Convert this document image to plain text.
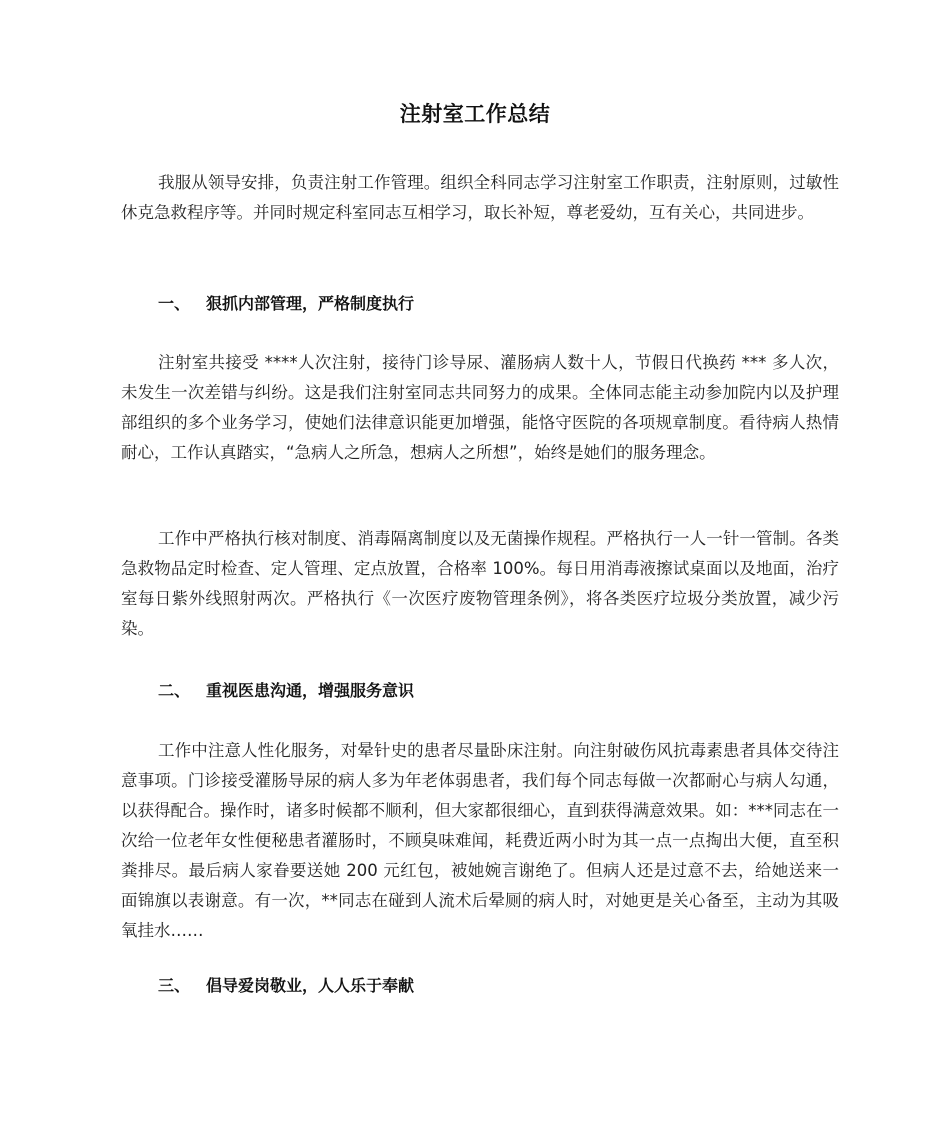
注射室工作总结

我服从领导安排，负责注射工作管理。组织全科同志学习注射室工作职责，注射原则，过敏性休克急救程序等。并同时规定科室同志互相学习，取长补短，尊老爱幼，互有关心，共同进步。

一、 狠抓内部管理，严格制度执行

注射室共接受 ****人次注射，接待门诊导尿、灌肠病人数十人，节假日代换药 *** 多人次，未发生一次差错与纠纷。这是我们注射室同志共同努力的成果。全体同志能主动参加院内以及护理部组织的多个业务学习，使她们法律意识能更加增强，能恪守医院的各项规章制度。看待病人热情耐心，工作认真踏实，“急病人之所急，想病人之所想”，始终是她们的服务理念。

工作中严格执行核对制度、消毒隔离制度以及无菌操作规程。严格执行一人一针一管制。各类急救物品定时检查、定人管理、定点放置，合格率 100%。每日用消毒液擦试桌面以及地面，治疗室每日紫外线照射两次。严格执行《一次医疗废物管理条例》，将各类医疗垃圾分类放置，减少污染。

二、 重视医患沟通，增强服务意识

工作中注意人性化服务，对晕针史的患者尽量卧床注射。向注射破伤风抗毒素患者具体交待注意事项。门诊接受灌肠导尿的病人多为年老体弱患者，我们每个同志每做一次都耐心与病人勾通，以获得配合。操作时，诸多时候都不顺利，但大家都很细心，直到获得满意效果。如：***同志在一次给一位老年女性便秘患者灌肠时，不顾臭味难闻，耗费近两小时为其一点一点掏出大便，直至积粪排尽。最后病人家眷要送她 200 元红包，被她婉言谢绝了。但病人还是过意不去，给她送来一面锦旗以表谢意。有一次，**同志在碰到人流术后晕厕的病人时，对她更是关心备至，主动为其吸氧挂水……

三、 倡导爱岗敬业，人人乐于奉献
